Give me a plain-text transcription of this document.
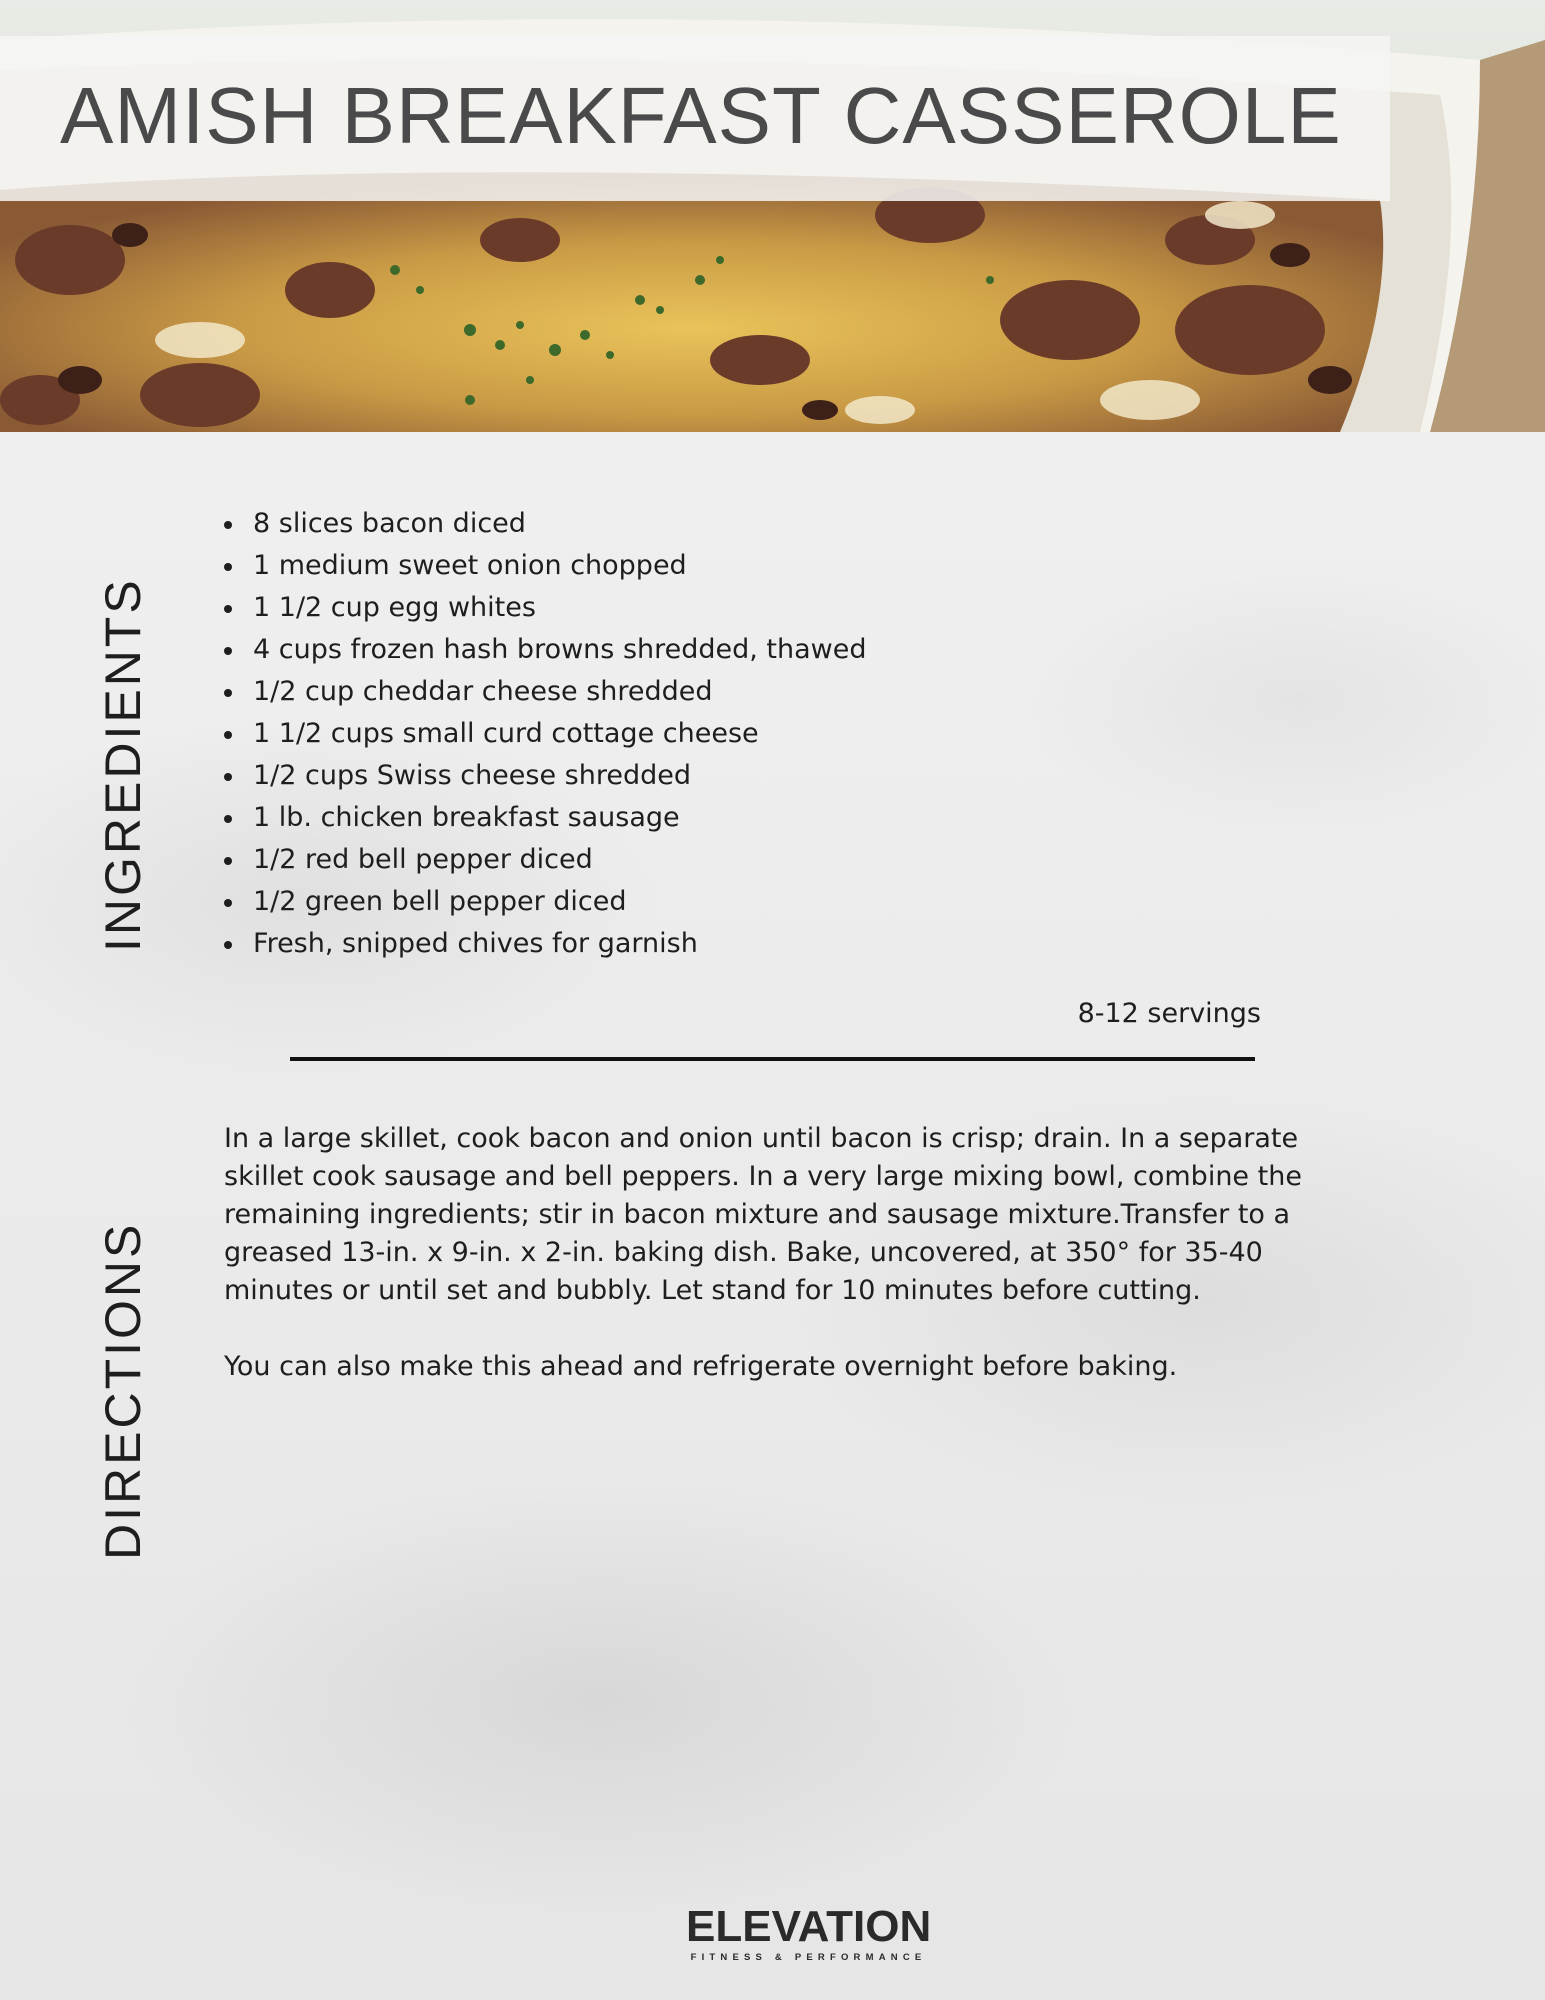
AMISH BREAKFAST CASSEROLE
INGREDIENTS
8 slices bacon diced
1 medium sweet onion chopped
1 1/2 cup egg whites
4 cups frozen hash browns shredded, thawed
1/2 cup cheddar cheese shredded
1 1/2 cups small curd cottage cheese
1/2 cups Swiss cheese shredded
1 lb. chicken breakfast sausage
1/2 red bell pepper diced
1/2 green bell pepper diced
Fresh, snipped chives for garnish
8-12 servings
DIRECTIONS

In a large skillet, cook bacon and onion until bacon is crisp; drain. In a separate skillet cook sausage and bell peppers. In a very large mixing bowl, combine the remaining ingredients; stir in bacon mixture and sausage mixture.Transfer to a greased 13-in. x 9-in. x 2-in. baking dish. Bake, uncovered, at 350° for 35-40 minutes or until set and bubbly. Let stand for 10 minutes before cutting.

You can also make this ahead and refrigerate overnight before baking.

ELEVATION
FITNESS & PERFORMANCE
